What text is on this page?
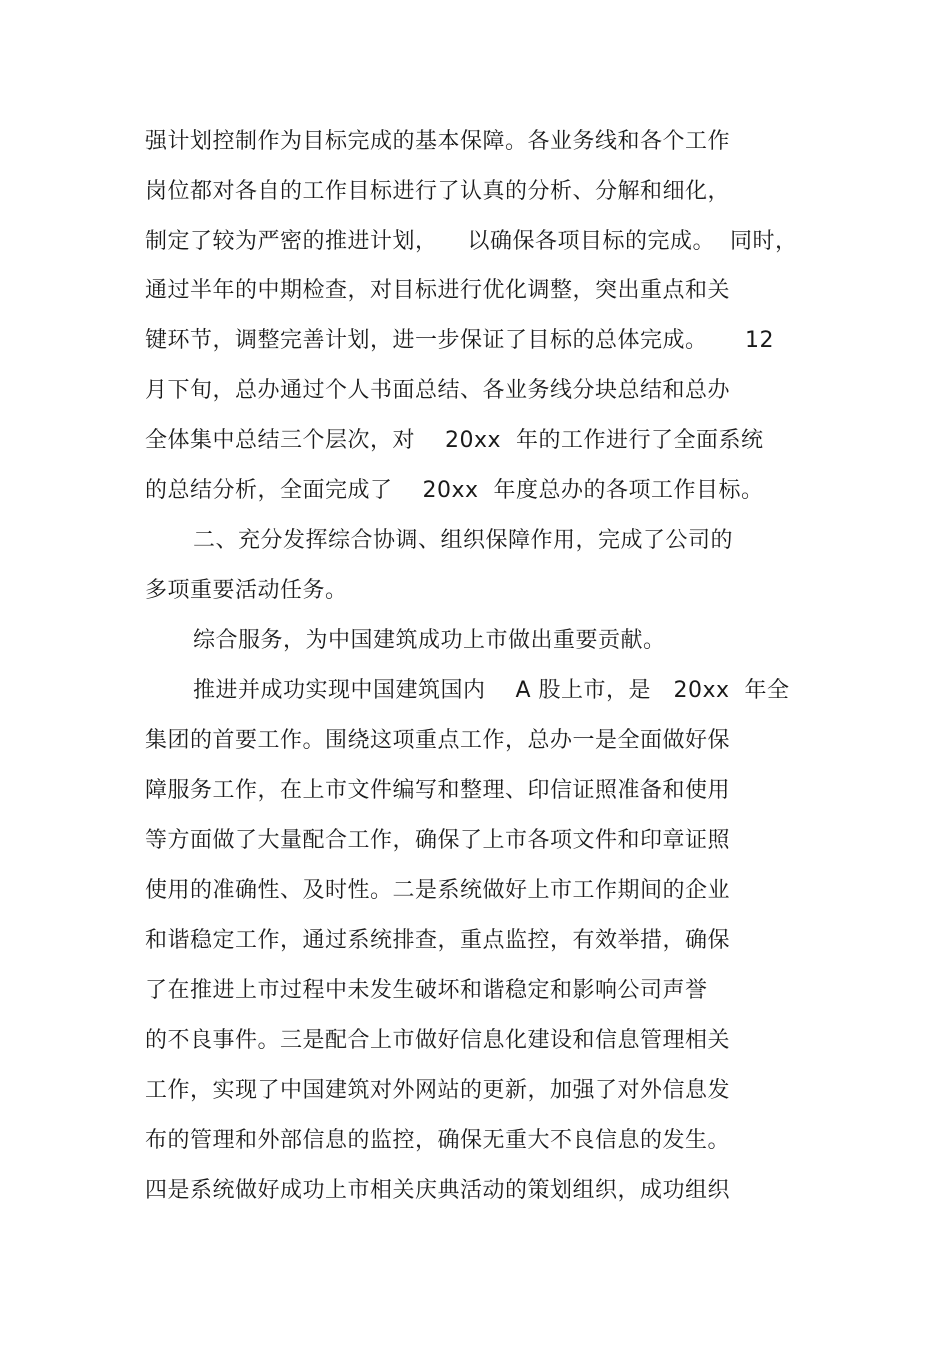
强计划控制作为目标完成的基本保障。各业务线和各个工作
岗位都对各自的工作目标进行了认真的分析、分解和细化，
制定了较为严密的推进计划，    以确保各项目标的完成。  同时，
通过半年的中期检查，对目标进行优化调整，突出重点和关
键环节，调整完善计划，进一步保证了目标的总体完成。     12
月下旬，总办通过个人书面总结、各业务线分块总结和总办
全体集中总结三个层次，对    20xx  年的工作进行了全面系统
的总结分析，全面完成了    20xx  年度总办的各项工作目标。
二、充分发挥综合协调、组织保障作用，完成了公司的
多项重要活动任务。
综合服务，为中国建筑成功上市做出重要贡献。
推进并成功实现中国建筑国内    A 股上市，是   20xx  年全
集团的首要工作。围绕这项重点工作，总办一是全面做好保
障服务工作，在上市文件编写和整理、印信证照准备和使用
等方面做了大量配合工作，确保了上市各项文件和印章证照
使用的准确性、及时性。二是系统做好上市工作期间的企业
和谐稳定工作，通过系统排查，重点监控，有效举措，确保
了在推进上市过程中未发生破坏和谐稳定和影响公司声誉
的不良事件。三是配合上市做好信息化建设和信息管理相关
工作，实现了中国建筑对外网站的更新，加强了对外信息发
布的管理和外部信息的监控，确保无重大不良信息的发生。
四是系统做好成功上市相关庆典活动的策划组织，成功组织
